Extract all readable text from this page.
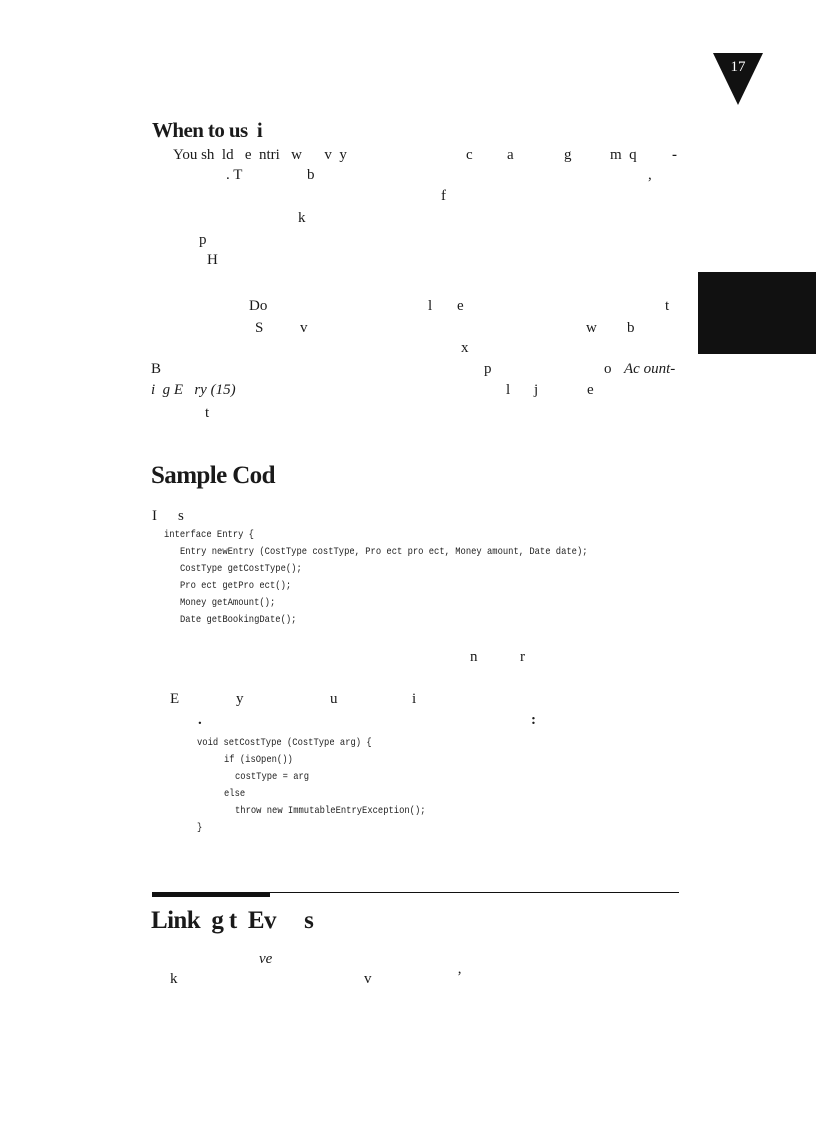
17
When to us  i
You sh  ld   e  ntri   w      v  y	c a	g	m  q -
. T	b	,
f
k
p
H
Do	l e	t
S v	w b
x
B	p	o Ac ount-
i  g E   ry (15)	l j	e
t
Sample Cod
I s
interface Entry {
Entry newEntry (CostType costType, Pro ect pro ect, Money amount, Date date);
CostType getCostType();
Pro ect getPro ect();
Money getAmount();
Date getBookingDate();
n	r
E	y	u	i
.	:
void setCostType (CostType arg) {
if (isOpen())
costType = arg
else
throw new ImmutableEntryException();
}
Link  g t  Ev     s
ve
k	v	’
